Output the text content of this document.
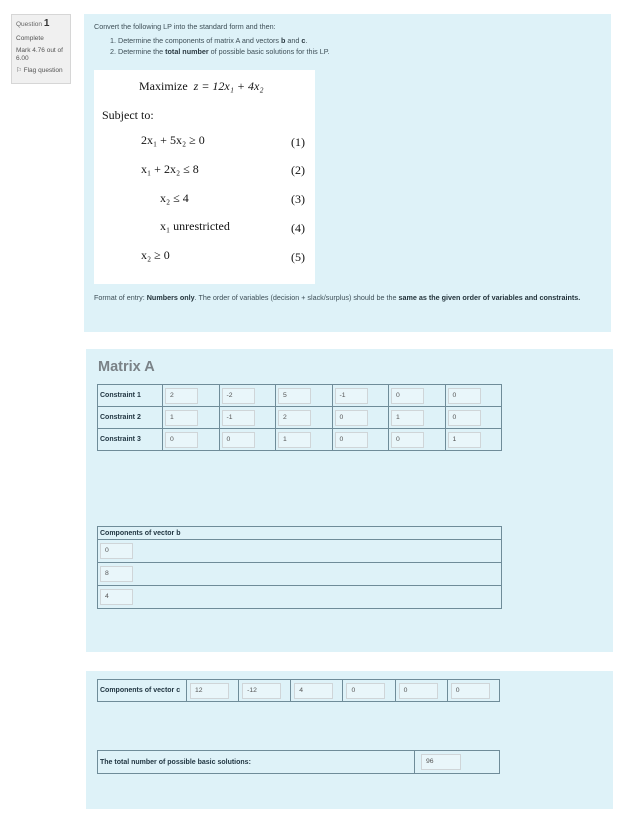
Question 1
Complete
Mark 4.76 out of 6.00
⚐ Flag question
Convert the following LP into the standard form and then:
1. Determine the components of matrix A and vectors b and c.
2. Determine the total number of possible basic solutions for this LP.
Maximize z = 12x₁ + 4x₂
Subject to:
2x₁ + 5x₂ ≥ 0	(1)
x₁ + 2x₂ ≤ 8	(2)
x₂ ≤ 4	(3)
x₁ unrestricted	(4)
x₂ ≥ 0	(5)
Format of entry: Numbers only. The order of variables (decision + slack/surplus) should be the same as the given order of variables and constraints.
Matrix A
Constraint 1	2	-2	5	-1	0	0
Constraint 2	1	-1	2	0	1	0
Constraint 3	0	0	1	0	0	1
Components of vector b
0
8
4
Components of vector c	12	-12	4	0	0	0
The total number of possible basic solutions:	96
